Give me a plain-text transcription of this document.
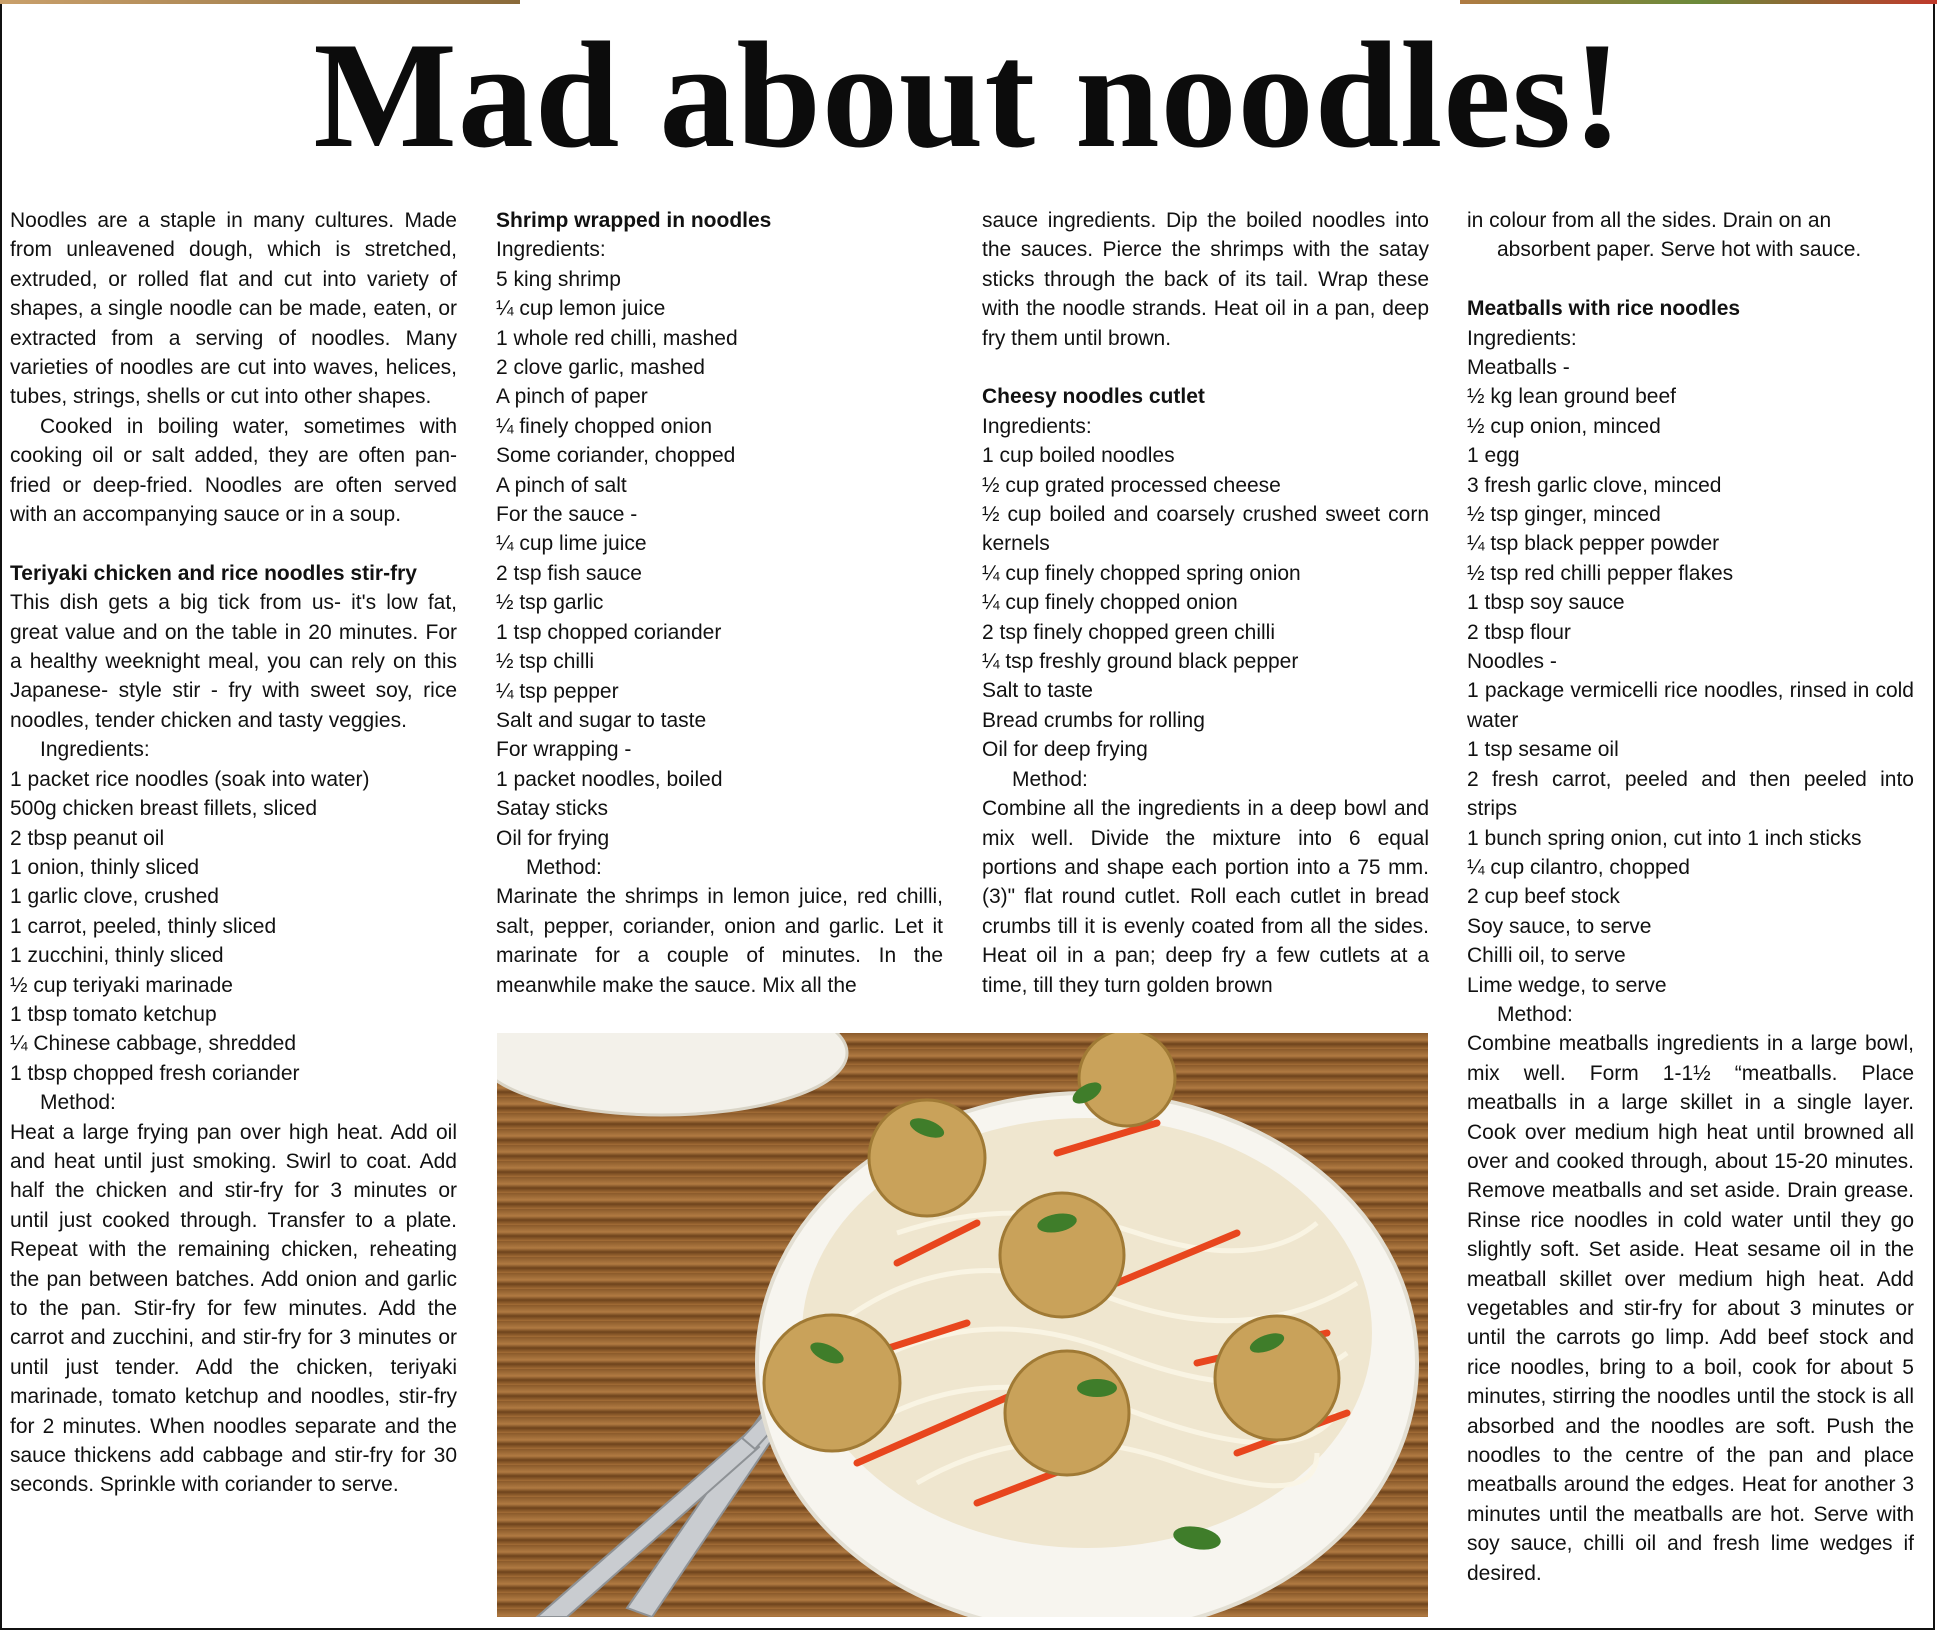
Mad about noodles!

Noodles are a staple in many cultures. Made from unleavened dough, which is stretched, extruded, or rolled flat and cut into variety of shapes, a single noodle can be made, eaten, or extracted from a serving of noodles. Many varieties of noodles are cut into waves, helices, tubes, strings, shells or cut into other shapes.

Cooked in boiling water, sometimes with cooking oil or salt added, they are often pan-fried or deep-fried. Noodles are often served with an accompanying sauce or in a soup.

Teriyaki chicken and rice noodles stir-fry

This dish gets a big tick from us- it's low fat, great value and on the table in 20 minutes. For a healthy weeknight meal, you can rely on this Japanese- style stir - fry with sweet soy, rice noodles, tender chicken and tasty veggies.

Ingredients:

1 packet rice noodles (soak into water)

500g chicken breast fillets, sliced

2 tbsp peanut oil

1 onion, thinly sliced

1 garlic clove, crushed

1 carrot, peeled, thinly sliced

1 zucchini, thinly sliced

½ cup teriyaki marinade

1 tbsp tomato ketchup

¼ Chinese cabbage, shredded

1 tbsp chopped fresh coriander

Method:

Heat a large frying pan over high heat. Add oil and heat until just smoking. Swirl to coat. Add half the chicken and stir-fry for 3 minutes or until just cooked through. Transfer to a plate. Repeat with the remaining chicken, reheating the pan between batches. Add onion and garlic to the pan. Stir-fry for few minutes. Add the carrot and zucchini, and stir-fry for 3 minutes or until just tender. Add the chicken, teriyaki marinade, tomato ketchup and noodles, stir-fry for 2 minutes. When noodles separate and the sauce thickens add cabbage and stir-fry for 30 seconds. Sprinkle with coriander to serve.

Shrimp wrapped in noodles

Ingredients:

5 king shrimp

¼ cup lemon juice

1 whole red chilli, mashed

2 clove garlic, mashed

A pinch of paper

¼ finely chopped onion

Some coriander, chopped

A pinch of salt

For the sauce -

¼ cup lime juice

2 tsp fish sauce

½ tsp garlic

1 tsp chopped coriander

½ tsp chilli

¼ tsp pepper

Salt and sugar to taste

For wrapping -

1 packet noodles, boiled

Satay sticks

Oil for frying

Method:

Marinate the shrimps in lemon juice, red chilli, salt, pepper, coriander, onion and garlic. Let it marinate for a couple of minutes. In the meanwhile make the sauce. Mix all the

sauce ingredients. Dip the boiled noodles into the sauces. Pierce the shrimps with the satay sticks through the back of its tail. Wrap these with the noodle strands. Heat oil in a pan, deep fry them until brown.

Cheesy noodles cutlet

Ingredients:

1 cup boiled noodles

½ cup grated processed cheese

½ cup boiled and coarsely crushed sweet corn kernels

¼ cup finely chopped spring onion

¼ cup finely chopped onion

2 tsp finely chopped green chilli

¼ tsp freshly ground black pepper

Salt to taste

Bread crumbs for rolling

Oil for deep frying

Method:

Combine all the ingredients in a deep bowl and mix well. Divide the mixture into 6 equal portions and shape each portion into a 75 mm. (3)" flat round cutlet. Roll each cutlet in bread crumbs till it is evenly coated from all the sides. Heat oil in a pan; deep fry a few cutlets at a time, till they turn golden brown

in colour from all the sides. Drain on an

absorbent paper. Serve hot with sauce.

Meatballs with rice noodles

Ingredients:

Meatballs -

½ kg lean ground beef

½ cup onion, minced

1 egg

3 fresh garlic clove, minced

½ tsp ginger, minced

¼ tsp black pepper powder

½ tsp red chilli pepper flakes

1 tbsp soy sauce

2 tbsp flour

Noodles -

1 package vermicelli rice noodles, rinsed in cold water

1 tsp sesame oil

2 fresh carrot, peeled and then peeled into strips

1 bunch spring onion, cut into 1 inch sticks

¼ cup cilantro, chopped

2 cup beef stock

Soy sauce, to serve

Chilli oil, to serve

Lime wedge, to serve

Method:

Combine meatballs ingredients in a large bowl, mix well. Form 1-1½ “meatballs. Place meatballs in a large skillet in a single layer. Cook over medium high heat until browned all over and cooked through, about 15-20 minutes. Remove meatballs and set aside. Drain grease. Rinse rice noodles in cold water until they go slightly soft. Set aside. Heat sesame oil in the meatball skillet over medium high heat. Add vegetables and stir-fry for about 3 minutes or until the carrots go limp. Add beef stock and rice noodles, bring to a boil, cook for about 5 minutes, stirring the noodles until the stock is all absorbed and the noodles are soft. Push the noodles to the centre of the pan and place meatballs around the edges. Heat for another 3 minutes until the meatballs are hot. Serve with soy sauce, chilli oil and fresh lime wedges if desired.
